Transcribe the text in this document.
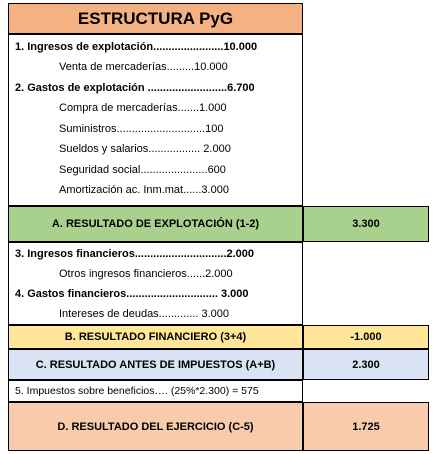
ESTRUCTURA PyG
1. Ingresos de explotación.......................10.000
Venta de mercaderías.........10.000
2. Gastos de explotación ..........................6.700
Compra de mercaderías.......1.000
Suministros.............................100
Sueldos y salarios................. 2.000
Seguridad social......................600
Amortización ac. Inm.mat......3.000
A. RESULTADO DE EXPLOTACIÓN (1-2)	3.300
3. Ingresos financieros..............................2.000
Otros ingresos financieros......2.000
4. Gastos financieros.............................. 3.000
Intereses de deudas............. 3.000
B. RESULTADO FINANCIERO (3+4)	-1.000
C. RESULTADO ANTES DE IMPUESTOS (A+B)	2.300
5. Impuestos sobre beneficios…. (25%*2.300) = 575
D. RESULTADO DEL EJERCICIO (C-5)	1.725
